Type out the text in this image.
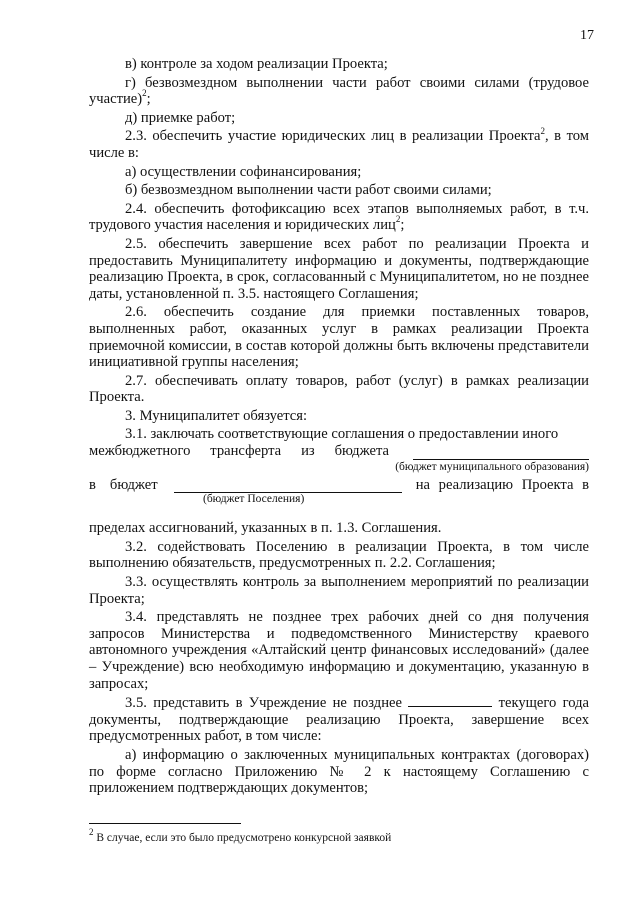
17

в) контроле за ходом реализации Проекта;

г) безвозмездном выполнении части работ своими силами (трудовое участие)$^2$;

д) приемке работ;

2.3. обеспечить участие юридических лиц в реализации Проекта$^2$, в том числе в:

а) осуществлении софинансирования;

б) безвозмездном выполнении части работ своими силами;

2.4. обеспечить фотофиксацию всех этапов выполняемых работ, в т.ч. трудового участия населения и юридических лиц$^2$;

2.5. обеспечить завершение всех работ по реализации Проекта и предоставить Муниципалитету информацию и документы, подтверждающие реализацию Проекта, в срок, согласованный с Муниципалитетом, но не позднее даты, установленной п. 3.5. настоящего Соглашения;

2.6. обеспечить создание для приемки поставленных товаров, выполненных работ, оказанных услуг в рамках реализации Проекта приемочной комиссии, в состав которой должны быть включены представители инициативной группы населения;

2.7. обеспечивать оплату товаров, работ (услуг) в рамках реализации Проекта.

3. Муниципалитет обязуется:

3.1. заключать соответствующие соглашения о предоставлении иного

межбюджетного трансферта из бюджета
(бюджет муниципального образования)
в бюджет	на реализацию Проекта в
(бюджет Поселения)

пределах ассигнований, указанных в п. 1.3. Соглашения.

3.2. содействовать Поселению в реализации Проекта, в том числе выполнению обязательств, предусмотренных п. 2.2. Соглашения;

3.3. осуществлять контроль за выполнением мероприятий по реализации Проекта;

3.4. представлять не позднее трех рабочих дней со дня получения запросов Министерства и подведомственного Министерству краевого автономного учреждения «Алтайский центр финансовых исследований» (далее – Учреждение) всю необходимую информацию и документацию, указанную в запросах;

3.5. представить в Учреждение не позднее	текущего года документы, подтверждающие реализацию Проекта, завершение всех предусмотренных работ, в том числе:

а) информацию о заключенных муниципальных контрактах (договорах) по форме согласно Приложению № 2 к настоящему Соглашению с приложением подтверждающих документов;

$^2$ В случае, если это было предусмотрено конкурсной заявкой
